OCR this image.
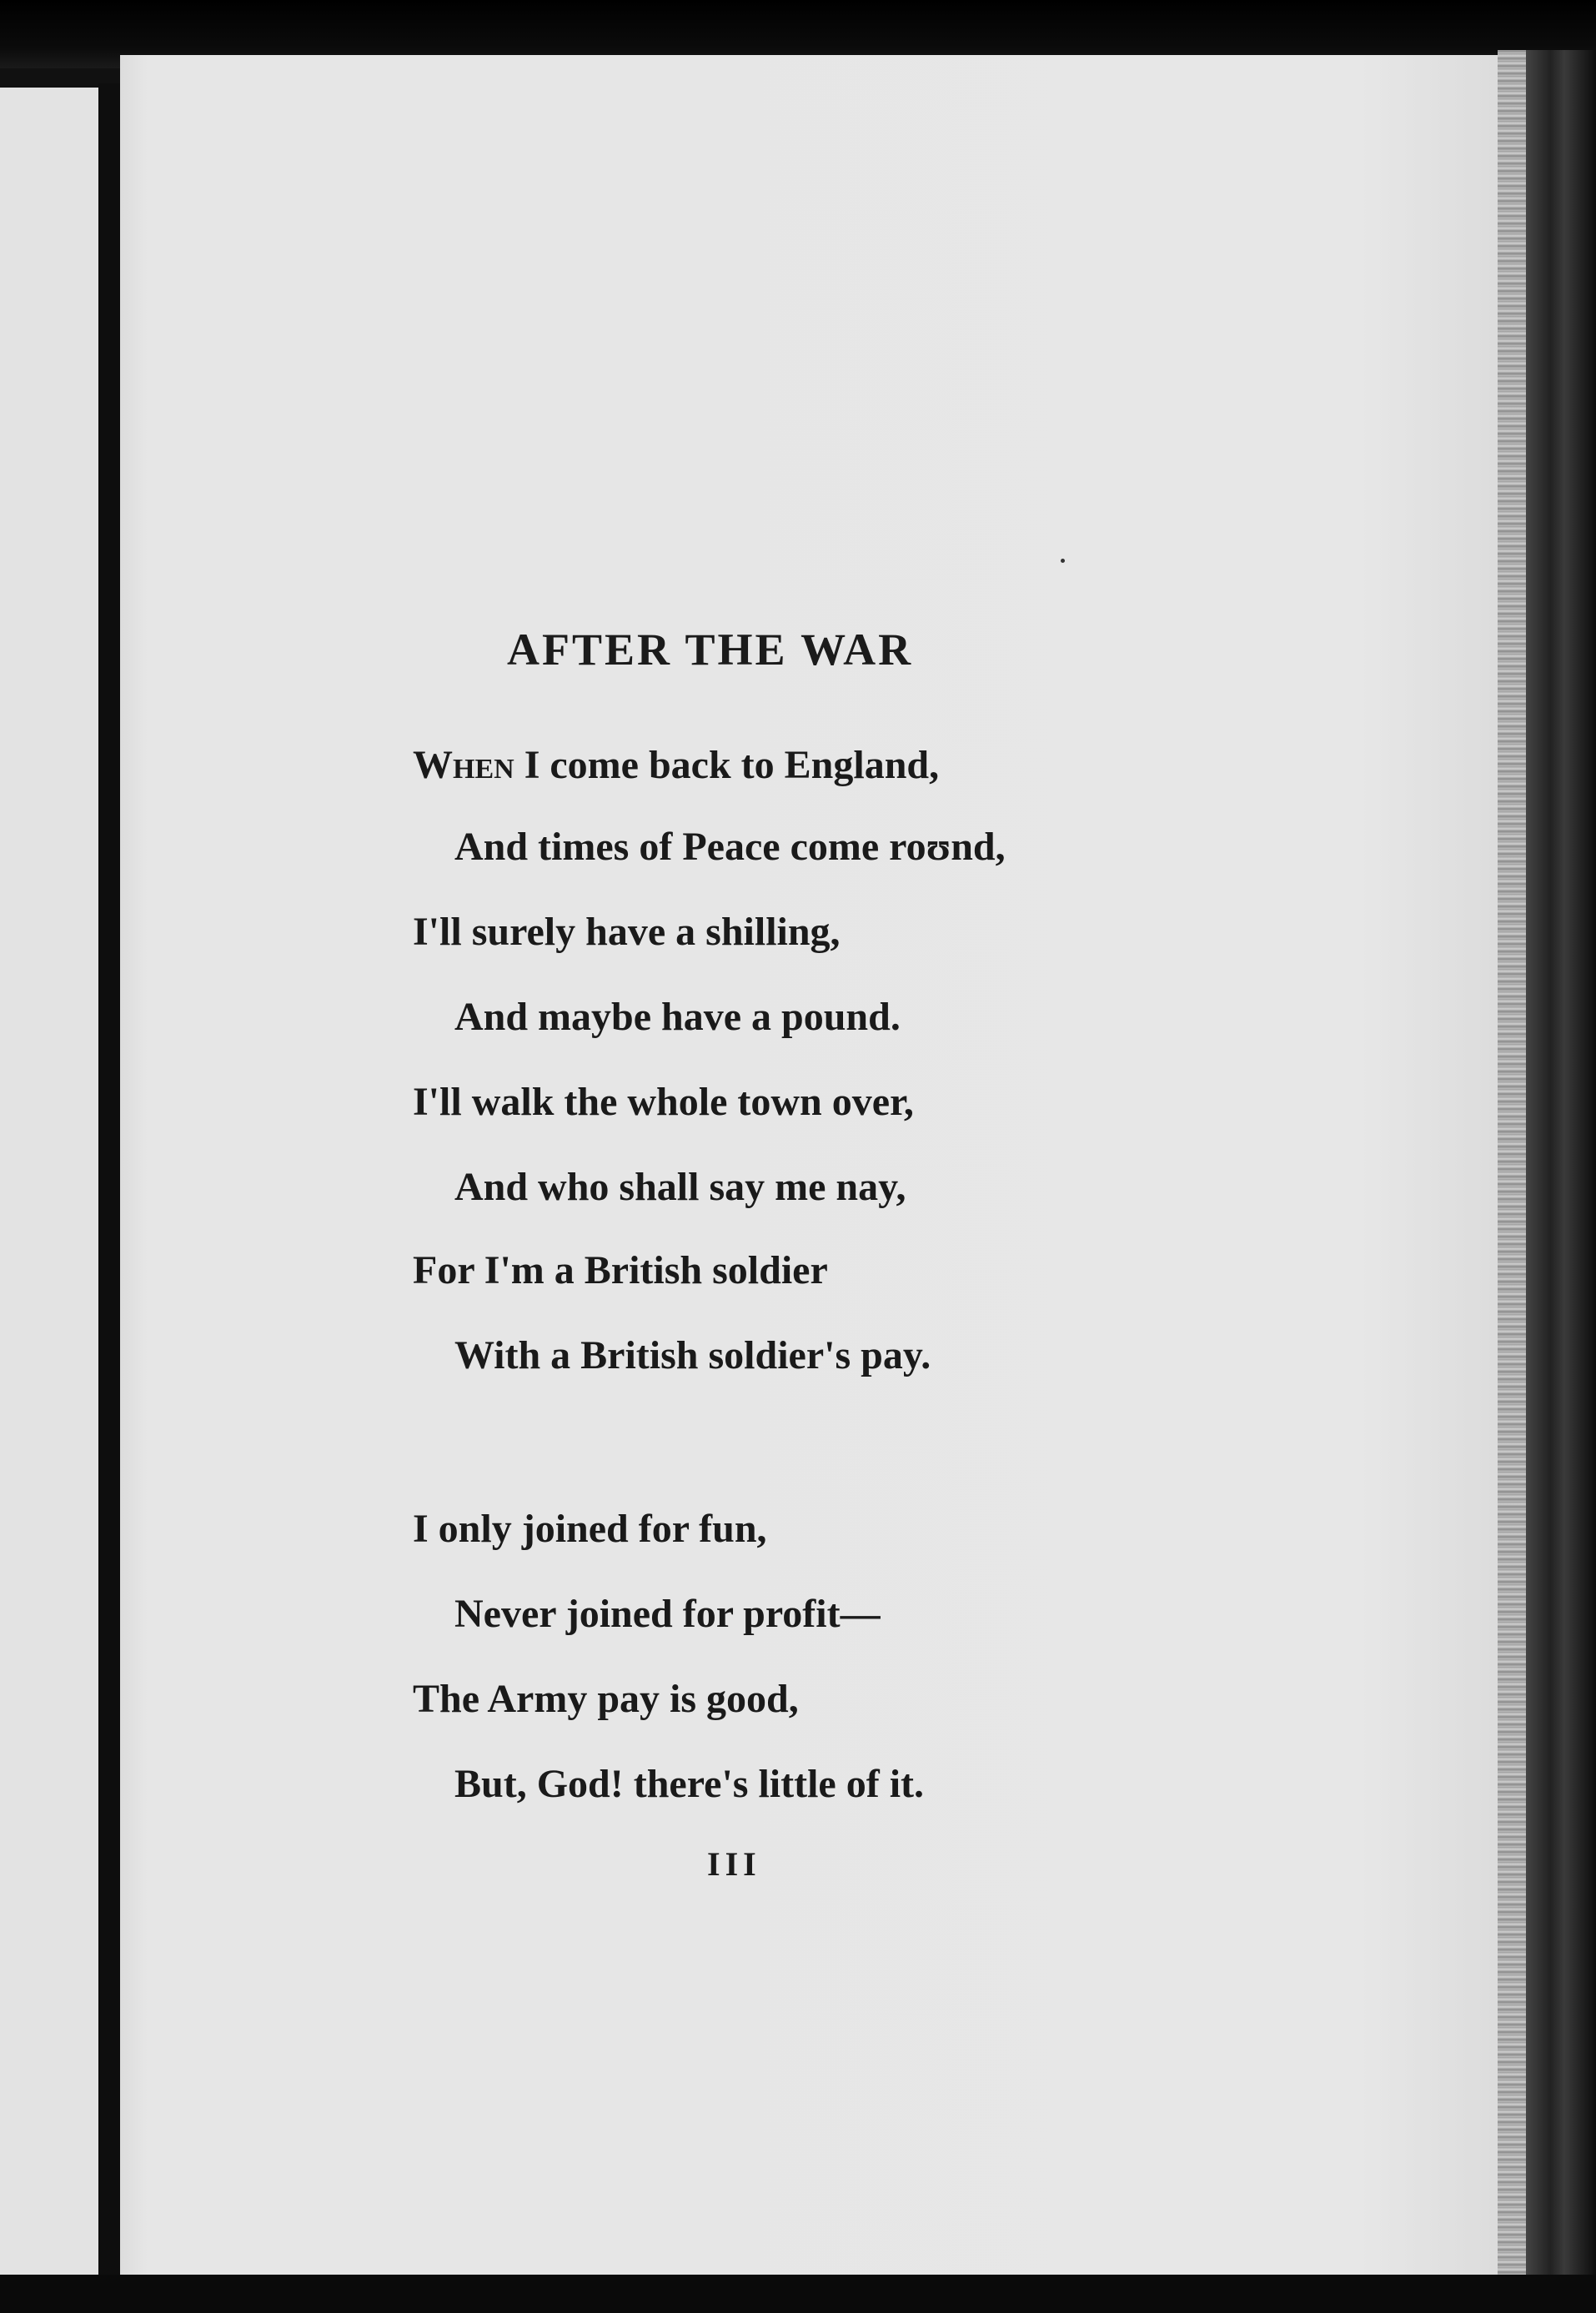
AFTER THE WAR
When I come back to England,
And times of Peace come roʊnd,
I'll surely have a shilling,
And maybe have a pound.
I'll walk the whole town over,
And who shall say me nay,
For I'm a British soldier
With a British soldier's pay.
I only joined for fun,
Never joined for profit—
The Army pay is good,
But, God! there's little of it.
III
